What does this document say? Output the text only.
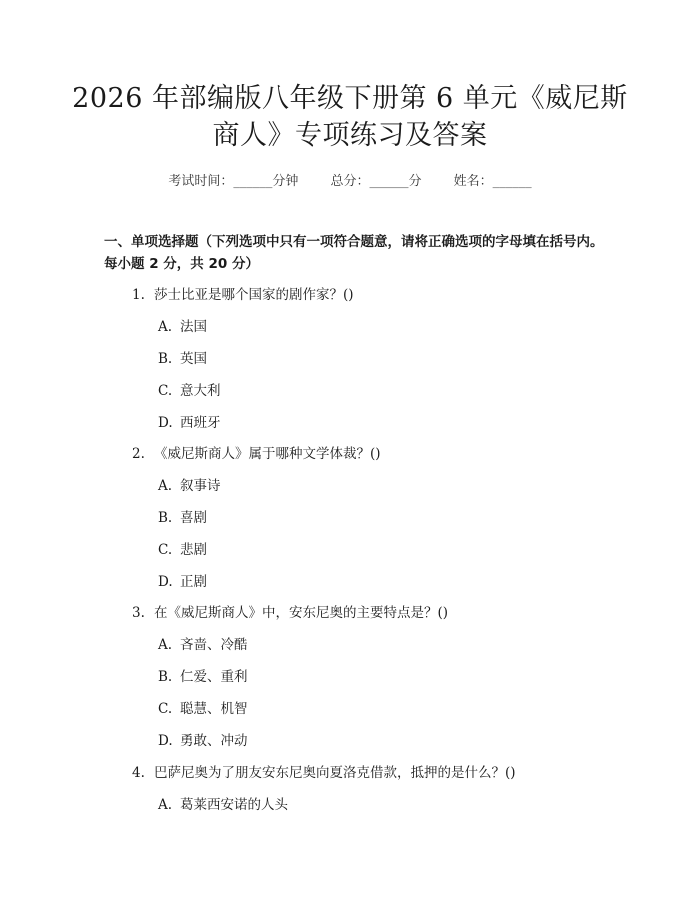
2026 年部编版八年级下册第 6 单元《威尼斯
商人》专项练习及答案
考试时间：______分钟 总分：______分 姓名：______
一、单项选择题（下列选项中只有一项符合题意，请将正确选项的字母填在括号内。每小题 2 分，共 20 分）
1. 莎士比亚是哪个国家的剧作家？()
A. 法国
B. 英国
C. 意大利
D. 西班牙
2. 《威尼斯商人》属于哪种文学体裁？()
A. 叙事诗
B. 喜剧
C. 悲剧
D. 正剧
3. 在《威尼斯商人》中，安东尼奥的主要特点是？()
A. 吝啬、冷酷
B. 仁爱、重利
C. 聪慧、机智
D. 勇敢、冲动
4. 巴萨尼奥为了朋友安东尼奥向夏洛克借款，抵押的是什么？()
A. 葛莱西安诺的人头
